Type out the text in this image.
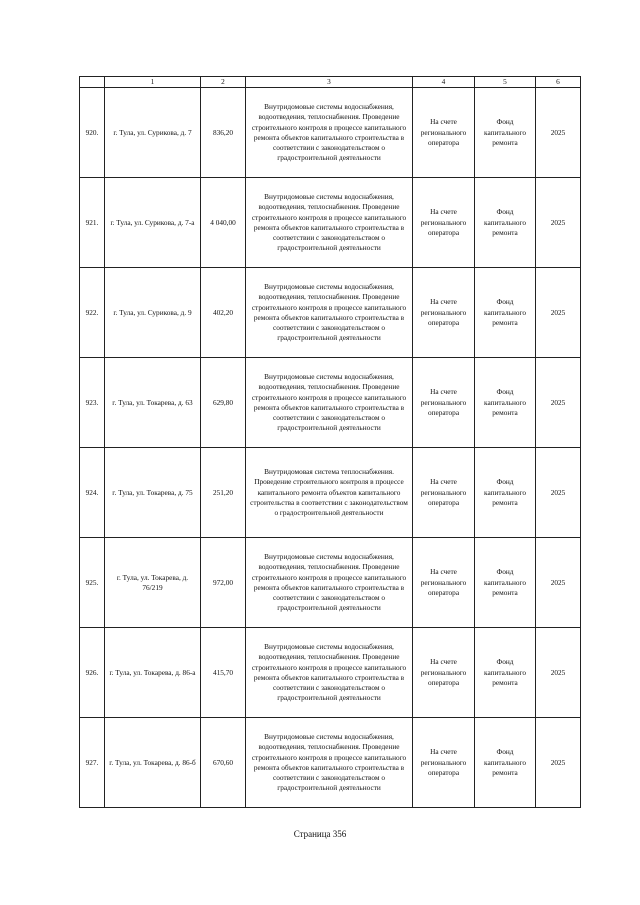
	1	2	3	4	5	6
920.	г. Тула, ул. Сурикова, д. 7	836,20	Внутридомовые системы водоснабжения, водоотведения, теплоснабжения. Проведение строительного контроля в процессе капитального ремонта объектов капитального строительства в соответствии с законодательством о градостроительной деятельности	На счете регионального оператора	Фонд капитального ремонта	2025
921.	г. Тула, ул. Сурикова, д. 7-а	4 040,00	Внутридомовые системы водоснабжения, водоотведения, теплоснабжения. Проведение строительного контроля в процессе капитального ремонта объектов капитального строительства в соответствии с законодательством о градостроительной деятельности	На счете регионального оператора	Фонд капитального ремонта	2025
922.	г. Тула, ул. Сурикова, д. 9	402,20	Внутридомовые системы водоснабжения, водоотведения, теплоснабжения. Проведение строительного контроля в процессе капитального ремонта объектов капитального строительства в соответствии с законодательством о градостроительной деятельности	На счете регионального оператора	Фонд капитального ремонта	2025
923.	г. Тула, ул. Токарева, д. 63	629,80	Внутридомовые системы водоснабжения, водоотведения, теплоснабжения. Проведение строительного контроля в процессе капитального ремонта объектов капитального строительства в соответствии с законодательством о градостроительной деятельности	На счете регионального оператора	Фонд капитального ремонта	2025
924.	г. Тула, ул. Токарева, д. 75	251,20	Внутридомовая система теплоснабжения. Проведение строительного контроля в процессе капитального ремонта объектов капитального строительства в соответствии с законодательством о градостроительной деятельности	На счете регионального оператора	Фонд капитального ремонта	2025
925.	г. Тула, ул. Токарева, д. 76/219	972,00	Внутридомовые системы водоснабжения, водоотведения, теплоснабжения. Проведение строительного контроля в процессе капитального ремонта объектов капитального строительства в соответствии с законодательством о градостроительной деятельности	На счете регионального оператора	Фонд капитального ремонта	2025
926.	г. Тула, ул. Токарева, д. 86-а	415,70	Внутридомовые системы водоснабжения, водоотведения, теплоснабжения. Проведение строительного контроля в процессе капитального ремонта объектов капитального строительства в соответствии с законодательством о градостроительной деятельности	На счете регионального оператора	Фонд капитального ремонта	2025
927.	г. Тула, ул. Токарева, д. 86-б	670,60	Внутридомовые системы водоснабжения, водоотведения, теплоснабжения. Проведение строительного контроля в процессе капитального ремонта объектов капитального строительства в соответствии с законодательством о градостроительной деятельности	На счете регионального оператора	Фонд капитального ремонта	2025
Страница 356
